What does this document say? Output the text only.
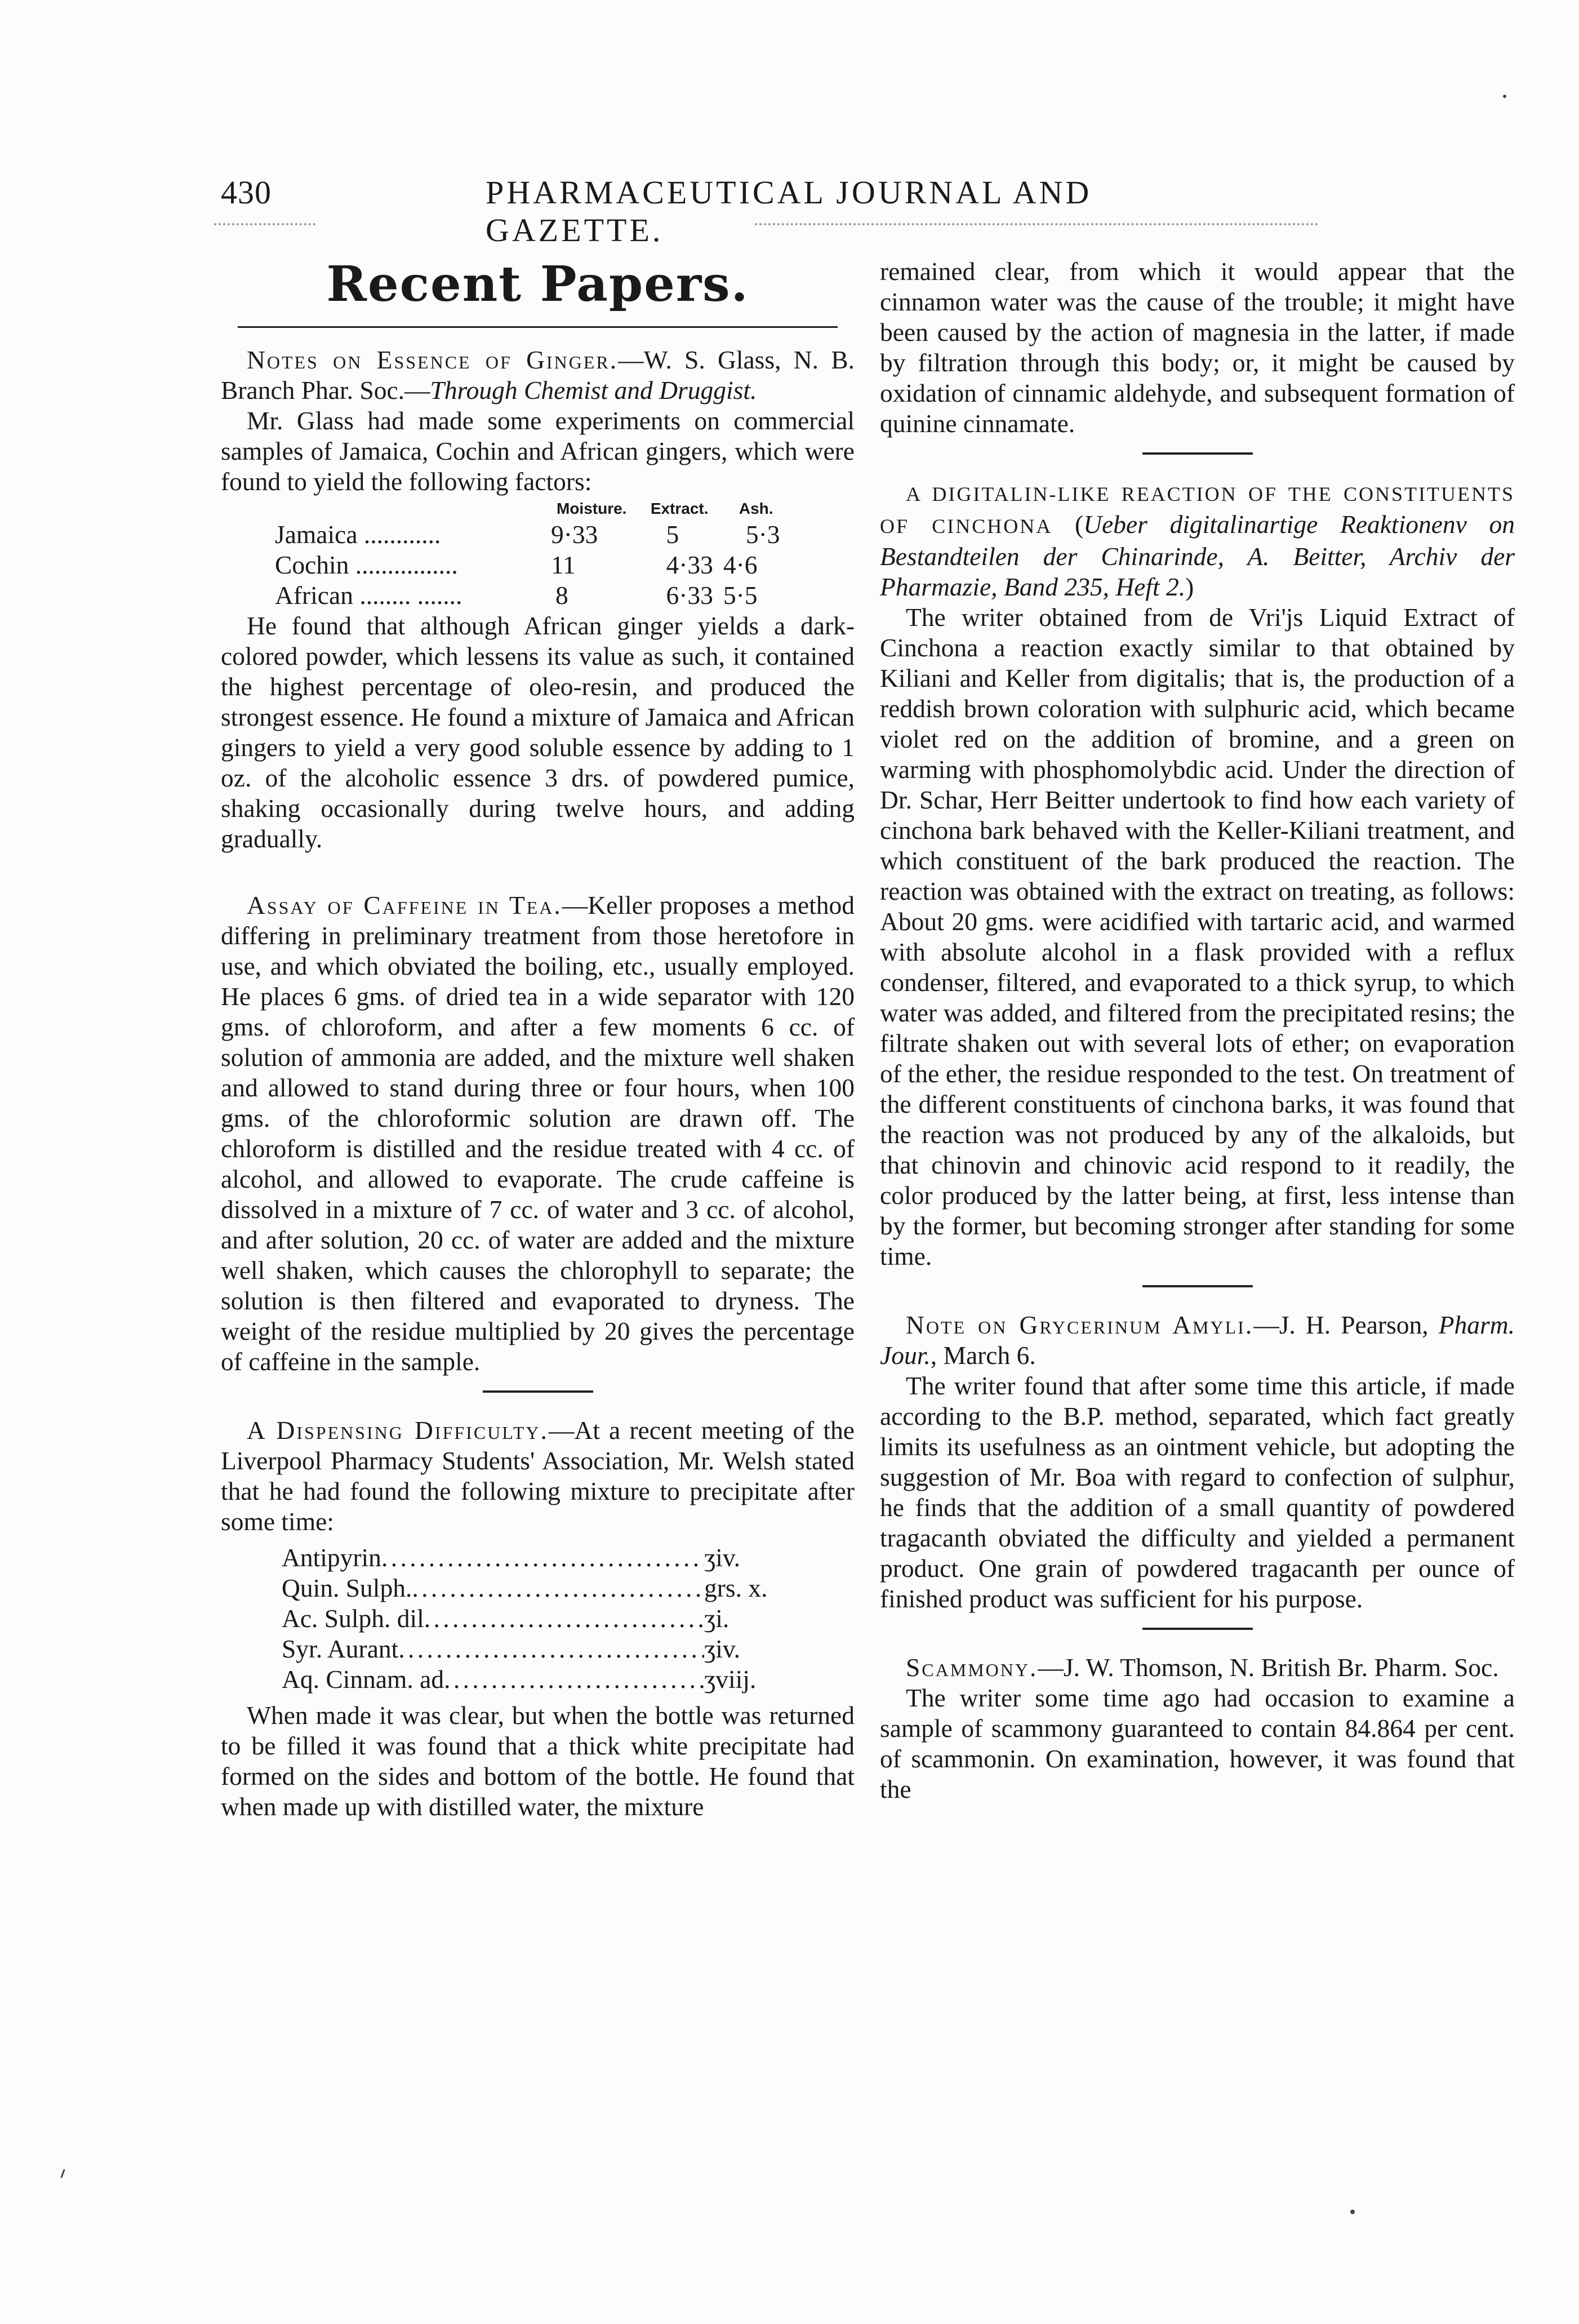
430	PHARMACEUTICAL JOURNAL AND GAZETTE.
Recent Papers.

Notes on Essence of Ginger.—W. S. Glass, N. B. Branch Phar. Soc.—Through Chemist and Druggist.

Mr. Glass had made some experiments on commercial samples of Jamaica, Cochin and African gingers, which were found to yield the following factors:

	Moisture.	Extract.	Ash.
Jamaica ............	9·33	5	5·3
Cochin ................	11	4·33	4·6
African ........ .......	8	6·33	5·5

He found that although African ginger yields a dark-colored powder, which lessens its value as such, it contained the highest percentage of oleo-resin, and produced the strongest essence. He found a mixture of Jamaica and African gingers to yield a very good soluble essence by adding to 1 oz. of the alcoholic essence 3 drs. of powdered pumice, shaking occasionally during twelve hours, and adding gradually.

Assay of Caffeine in Tea.—Keller proposes a method differing in preliminary treatment from those heretofore in use, and which obviated the boiling, etc., usually employed. He places 6 gms. of dried tea in a wide separator with 120 gms. of chloroform, and after a few moments 6 cc. of solution of ammonia are added, and the mixture well shaken and allowed to stand during three or four hours, when 100 gms. of the chloroformic solution are drawn off. The chloroform is distilled and the residue treated with 4 cc. of alcohol, and allowed to evaporate. The crude caffeine is dissolved in a mixture of 7 cc. of water and 3 cc. of alcohol, and after solution, 20 cc. of water are added and the mixture well shaken, which causes the chlorophyll to separate; the solution is then filtered and evaporated to dryness. The weight of the residue multiplied by 20 gives the percentage of caffeine in the sample.

A Dispensing Difficulty.—At a recent meeting of the Liverpool Pharmacy Students' Association, Mr. Welsh stated that he had found the following mixture to precipitate after some time:

Antipyrin . . .	ʒiv.
Quin. Sulph. . . .	grs. x.
Ac. Sulph. dil . . .	ʒi.
Syr. Aurant . . .	ʒiv.
Aq. Cinnam. ad . . .	ʒviij.

When made it was clear, but when the bottle was returned to be filled it was found that a thick white precipitate had formed on the sides and bottom of the bottle. He found that when made up with distilled water, the mixture

remained clear, from which it would appear that the cinnamon water was the cause of the trouble; it might have been caused by the action of magnesia in the latter, if made by filtration through this body; or, it might be caused by oxidation of cinnamic aldehyde, and subsequent formation of quinine cinnamate.

A DIGITALIN-LIKE REACTION OF THE CONSTITUENTS OF CINCHONA (Ueber digitalinartige Reaktionenv on Bestandteilen der Chinarinde, A. Beitter, Archiv der Pharmazie, Band 235, Heft 2.)

The writer obtained from de Vri'js Liquid Extract of Cinchona a reaction exactly similar to that obtained by Kiliani and Keller from digitalis; that is, the production of a reddish brown coloration with sulphuric acid, which became violet red on the addition of bromine, and a green on warming with phosphomolybdic acid. Under the direction of Dr. Schar, Herr Beitter undertook to find how each variety of cinchona bark behaved with the Keller-Kiliani treatment, and which constituent of the bark produced the reaction. The reaction was obtained with the extract on treating, as follows: About 20 gms. were acidified with tartaric acid, and warmed with absolute alcohol in a flask provided with a reflux condenser, filtered, and evaporated to a thick syrup, to which water was added, and filtered from the precipitated resins; the filtrate shaken out with several lots of ether; on evaporation of the ether, the residue responded to the test. On treatment of the different constituents of cinchona barks, it was found that the reaction was not produced by any of the alkaloids, but that chinovin and chinovic acid respond to it readily, the color produced by the latter being, at first, less intense than by the former, but becoming stronger after standing for some time.

Note on Grycerinum Amyli.—J. H. Pearson, Pharm. Jour., March 6.

The writer found that after some time this article, if made according to the B.P. method, separated, which fact greatly limits its usefulness as an ointment vehicle, but adopting the suggestion of Mr. Boa with regard to confection of sulphur, he finds that the addition of a small quantity of powdered tragacanth obviated the difficulty and yielded a permanent product. One grain of powdered tragacanth per ounce of finished product was sufficient for his purpose.

Scammony.—J. W. Thomson, N. British Br. Pharm. Soc.

The writer some time ago had occasion to examine a sample of scammony guaranteed to contain 84.864 per cent. of scammonin. On examination, however, it was found that the
